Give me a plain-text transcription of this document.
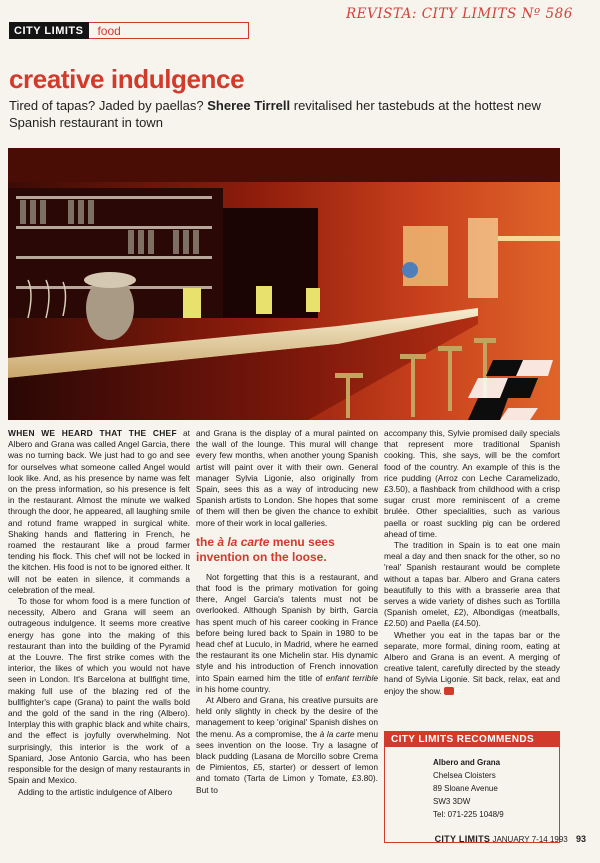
REVISTA: CITY LIMITS Nº 586
CITY LIMITS	food
creative indulgence

Tired of tapas? Jaded by paellas? Sheree Tirrell revitalised her tastebuds at the hottest new Spanish restaurant in town

WHEN WE HEARD THAT THE CHEF at Albero and Grana was called Angel Garcia, there was no turning back. We just had to go and see for ourselves what someone called Angel would look like. And, as his presence by name was felt on the press information, so his presence is felt in the restaurant. Almost the minute we walked through the door, he appeared, all laughing smile and rotund frame wrapped in surgical white. Shaking hands and flattering in French, he roamed the restaurant like a proud farmer tending his flock. This chef will not be locked in the kitchen. His food is not to be ignored either. It will not be eaten in silence, it commands a celebration of the meal.

To those for whom food is a mere function of necessity, Albero and Grana will seem an outrageous indulgence. It seems more creative energy has gone into the making of this restaurant than into the building of the Pyramid at the Louvre. The first strike comes with the interior, the likes of which you would not have seen in London. It's Barcelona at bullfight time, making full use of the blazing red of the bullfighter's cape (Grana) to paint the walls bold and the gold of the sand in the ring (Albero). Interplay this with graphic black and white chairs, and the effect is joyfully overwhelming. Not surprisingly, this interior is the work of a Spaniard, Jose Antonio Garcia, who has been responsible for the design of many restaurants in Spain and Mexico.

Adding to the artistic indulgence of Albero

and Grana is the display of a mural painted on the wall of the lounge. This mural will change every few months, when another young Spanish artist will paint over it with their own. General manager Sylvia Ligonie, also originally from Spain, sees this as a way of introducing new Spanish artists to London. She hopes that some of them will then be given the chance to exhibit more of their work in local galleries.

the à la carte menu sees invention on the loose.

Not forgetting that this is a restaurant, and that food is the primary motivation for going there, Angel Garcia's talents must not be overlooked. Although Spanish by birth, Garcia has spent much of his career cooking in France before being lured back to Spain in 1980 to be head chef at Luculo, in Madrid, where he earned the restaurant its one Michelin star. His dynamic style and his introduction of French innovation into Spain earned him the title of enfant terrible in his home country.

At Albero and Grana, his creative pursuits are held only slightly in check by the desire of the management to keep 'original' Spanish dishes on the menu. As a compromise, the à la carte menu sees invention on the loose. Try a lasagne of black pudding (Lasana de Morcillo sobre Crema de Pimientos, £5, starter) or dessert of lemon and tomato (Tarta de Limon y Tomate, £3.80). But to

accompany this, Sylvie promised daily specials that represent more traditional Spanish cooking. This, she says, will be the comfort food of the country. An example of this is the rice pudding (Arroz con Leche Caramelizado, £3.50), a flashback from childhood with a crisp sugar crust more reminiscent of a creme brulée. Other specialities, such as various paella or roast suckling pig can be ordered ahead of time.

The tradition in Spain is to eat one main meal a day and then snack for the other, so no 'real' Spanish restaurant would be complete without a tapas bar. Albero and Grana caters beautifully to this with a brasserie area that serves a wide variety of dishes such as Tortilla (Spanish omelet, £2), Albondigas (meatballs, £2.50) and Paella (£4.50).

Whether you eat in the tapas bar or the separate, more formal, dining room, eating at Albero and Grana is an event. A merging of creative talent, carefully directed by the steady hand of Sylvia Ligonie. Sit back, relax, eat and enjoy the show. CL

CITY LIMITS RECOMMENDS
Albero and Grana
Chelsea Cloisters
89 Sloane Avenue
SW3 3DW
Tel: 071-225 1048/9
CITY LIMITS JANUARY 7-14 1993 93
